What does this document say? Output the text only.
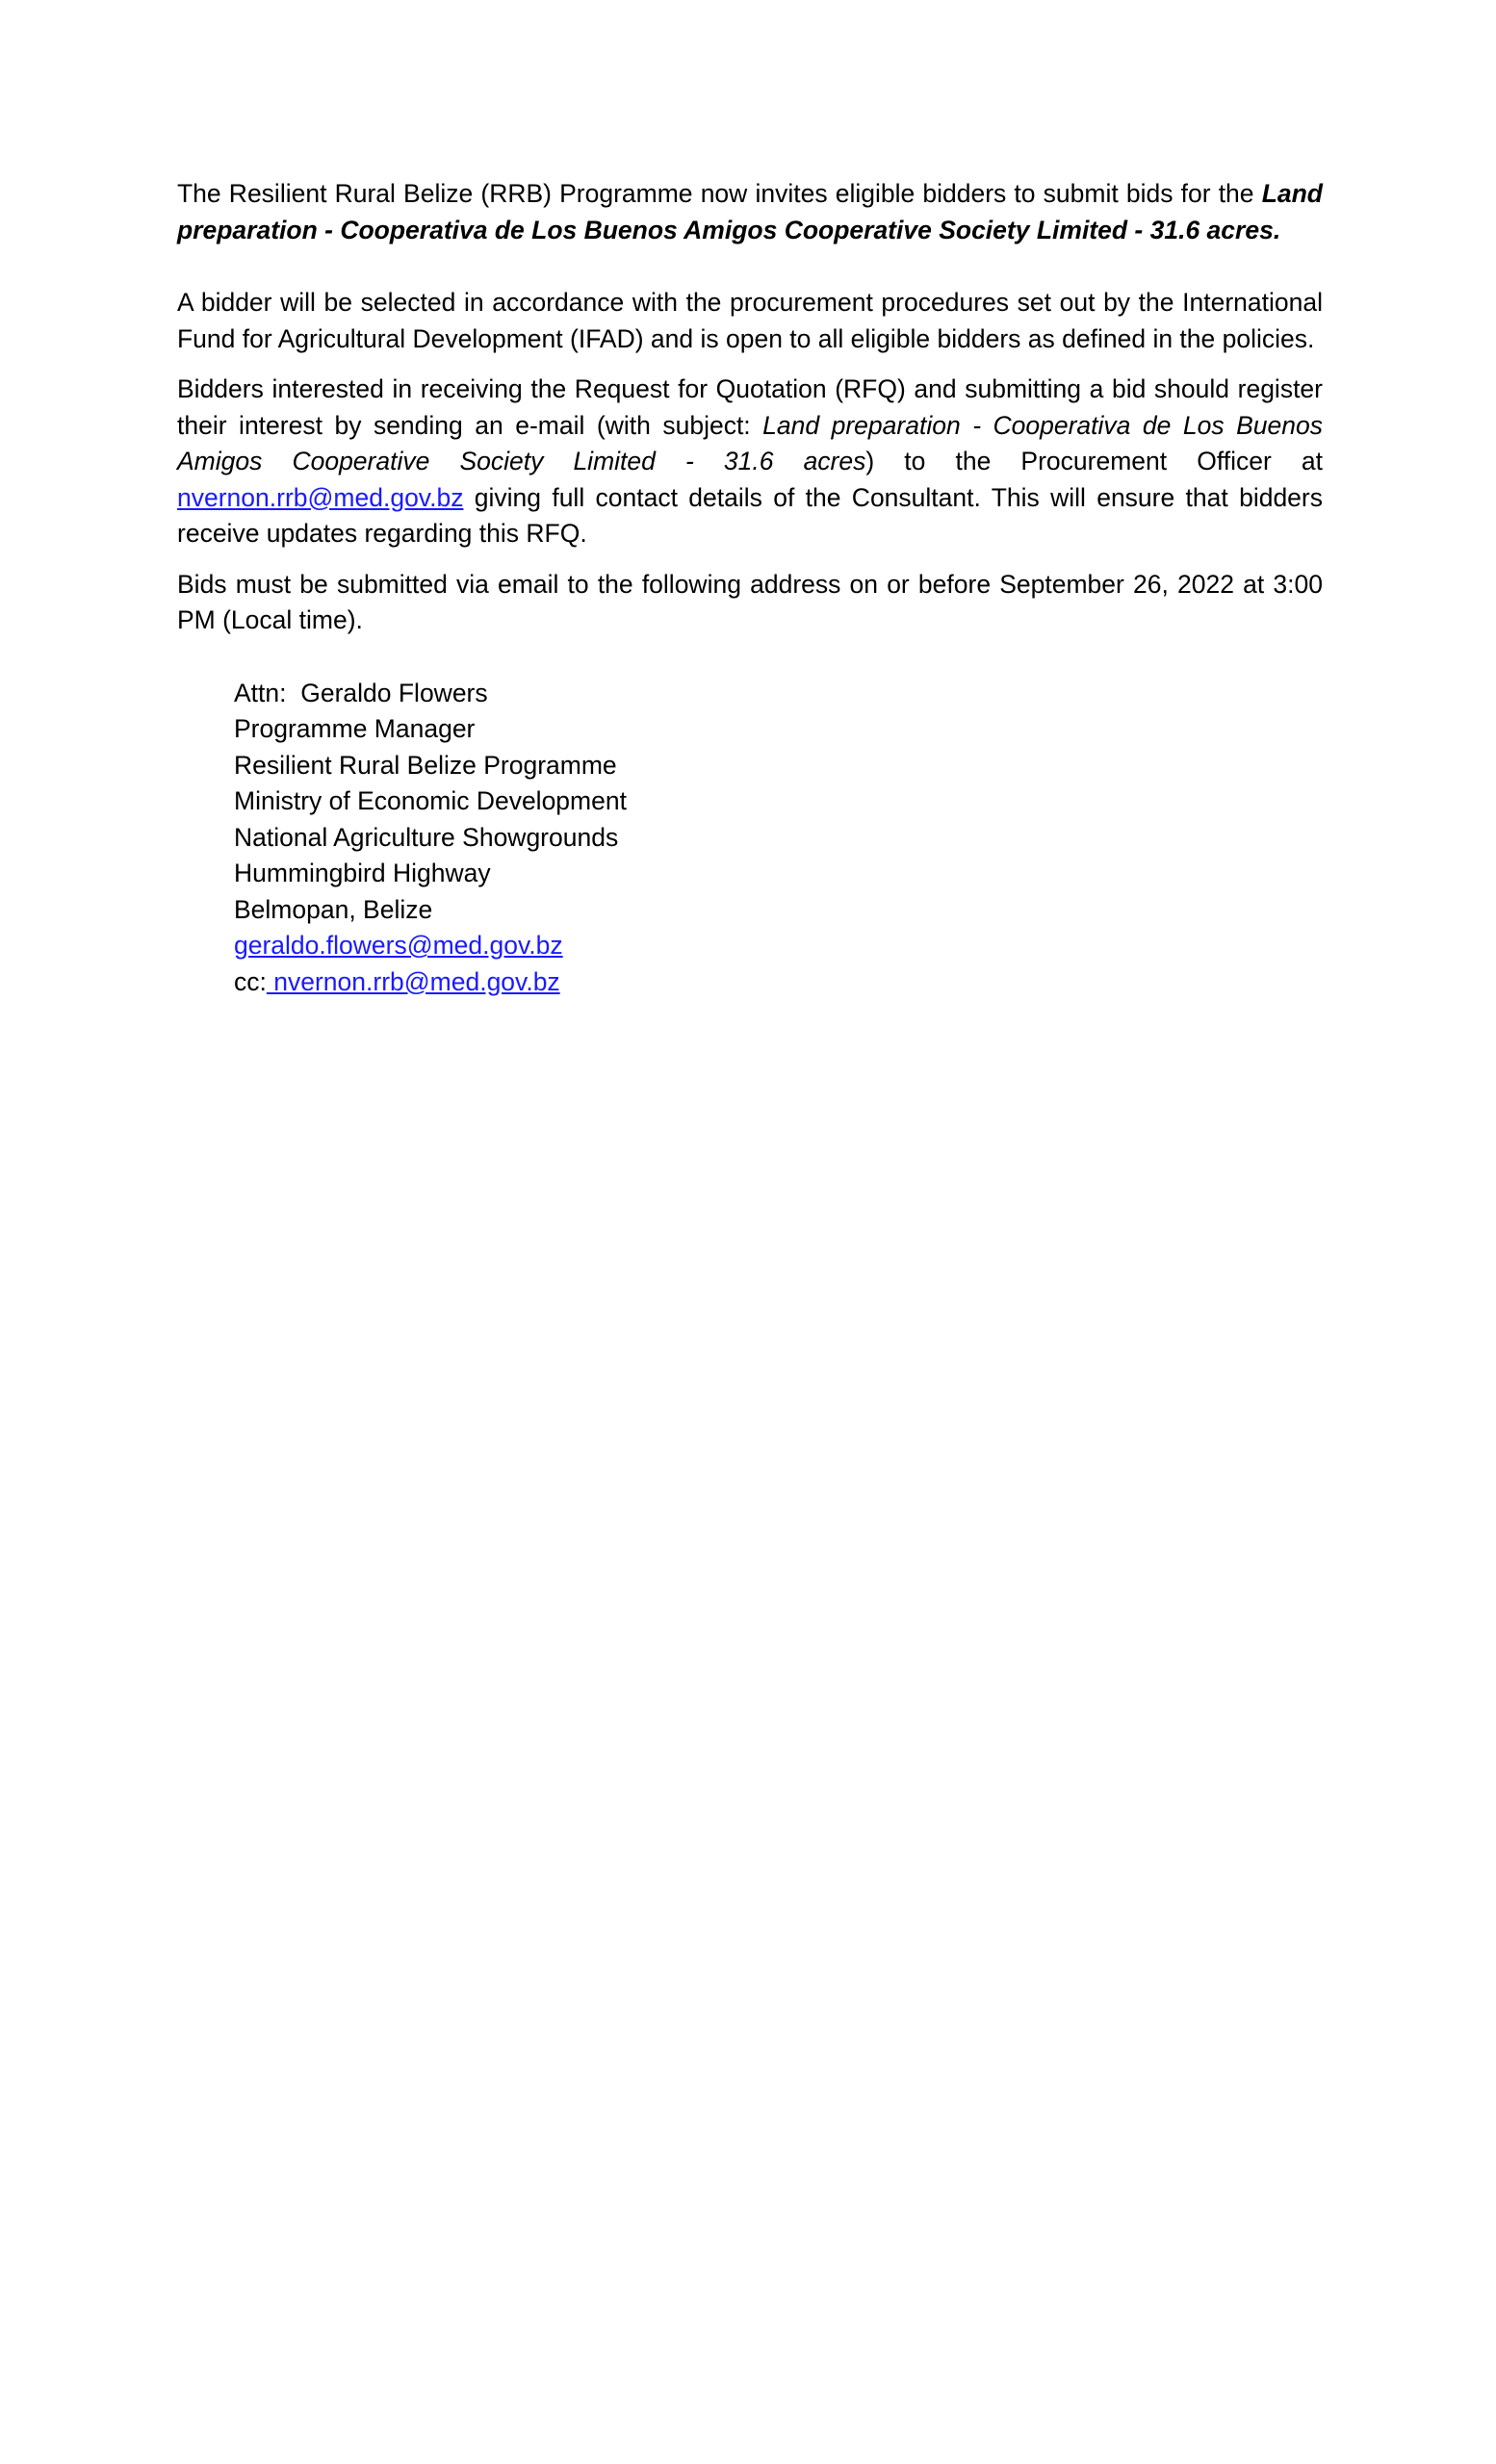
The Resilient Rural Belize (RRB) Programme now invites eligible bidders to submit bids for the Land preparation - Cooperativa de Los Buenos Amigos Cooperative Society Limited - 31.6 acres.

A bidder will be selected in accordance with the procurement procedures set out by the International Fund for Agricultural Development (IFAD) and is open to all eligible bidders as defined in the policies.

Bidders interested in receiving the Request for Quotation (RFQ) and submitting a bid should register their interest by sending an e-mail (with subject: Land preparation - Cooperativa de Los Buenos Amigos Cooperative Society Limited - 31.6 acres) to the Procurement Officer at nvernon.rrb@med.gov.bz giving full contact details of the Consultant. This will ensure that bidders receive updates regarding this RFQ.

Bids must be submitted via email to the following address on or before September 26, 2022 at 3:00 PM (Local time).

Attn:  Geraldo Flowers
Programme Manager
Resilient Rural Belize Programme
Ministry of Economic Development
National Agriculture Showgrounds
Hummingbird Highway
Belmopan, Belize
geraldo.flowers@med.gov.bz
cc: nvernon.rrb@med.gov.bz
